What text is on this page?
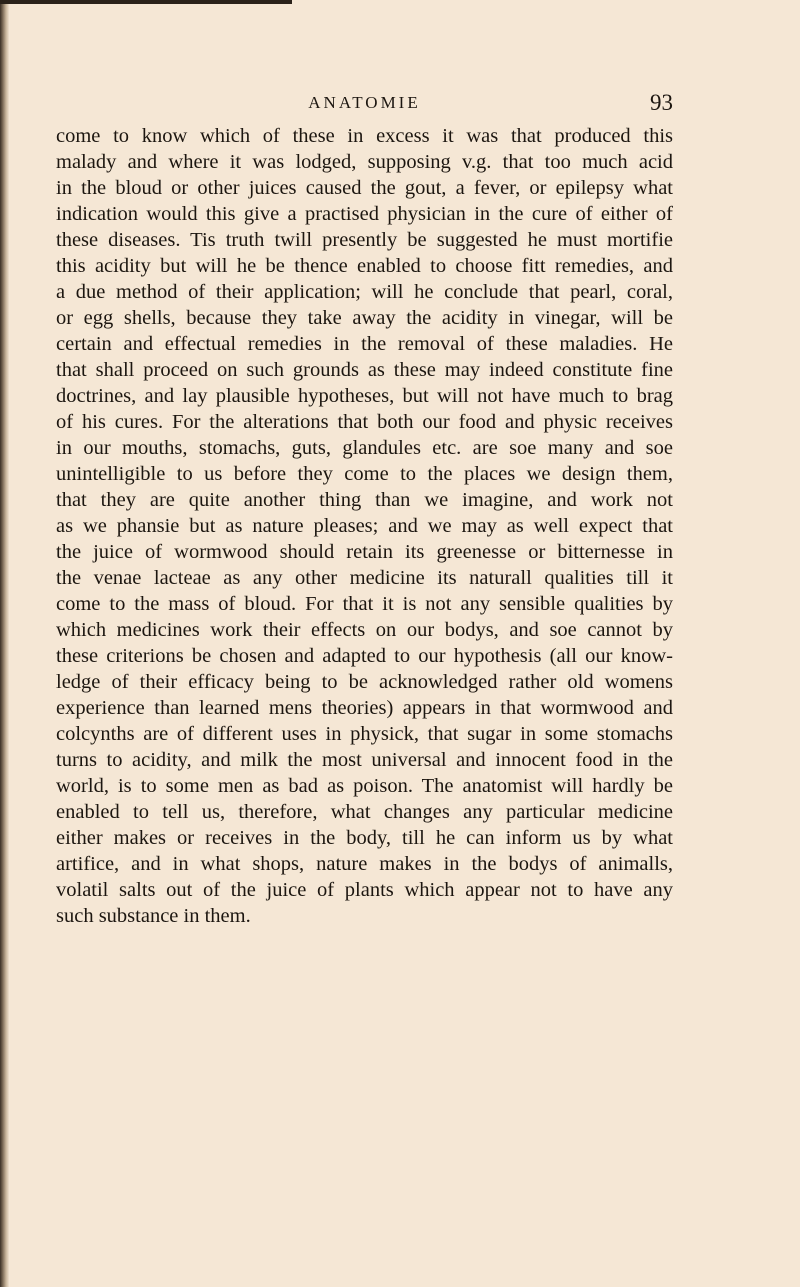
ANATOMIE	93
come to know which of these in excess it was that produced this
malady and where it was lodged, supposing v.g. that too much acid
in the bloud or other juices caused the gout, a fever, or epilepsy what
indication would this give a practised physician in the cure of either of
these diseases. Tis truth twill presently be suggested he must mortifie
this acidity but will he be thence enabled to choose fitt remedies, and
a due method of their application; will he conclude that pearl, coral,
or egg shells, because they take away the acidity in vinegar, will be
certain and effectual remedies in the removal of these maladies. He
that shall proceed on such grounds as these may indeed constitute fine
doctrines, and lay plausible hypotheses, but will not have much to brag
of his cures. For the alterations that both our food and physic receives
in our mouths, stomachs, guts, glandules etc. are soe many and soe
unintelligible to us before they come to the places we design them,
that they are quite another thing than we imagine, and work not
as we phansie but as nature pleases; and we may as well expect that
the juice of wormwood should retain its greenesse or bitternesse in
the venae lacteae as any other medicine its naturall qualities till it
come to the mass of bloud. For that it is not any sensible qualities by
which medicines work their effects on our bodys, and soe cannot by
these criterions be chosen and adapted to our hypothesis (all our know-
ledge of their efficacy being to be acknowledged rather old womens
experience than learned mens theories) appears in that wormwood and
colcynths are of different uses in physick, that sugar in some stomachs
turns to acidity, and milk the most universal and innocent food in the
world, is to some men as bad as poison. The anatomist will hardly be
enabled to tell us, therefore, what changes any particular medicine
either makes or receives in the body, till he can inform us by what
artifice, and in what shops, nature makes in the bodys of animalls,
volatil salts out of the juice of plants which appear not to have any
such substance in them.
